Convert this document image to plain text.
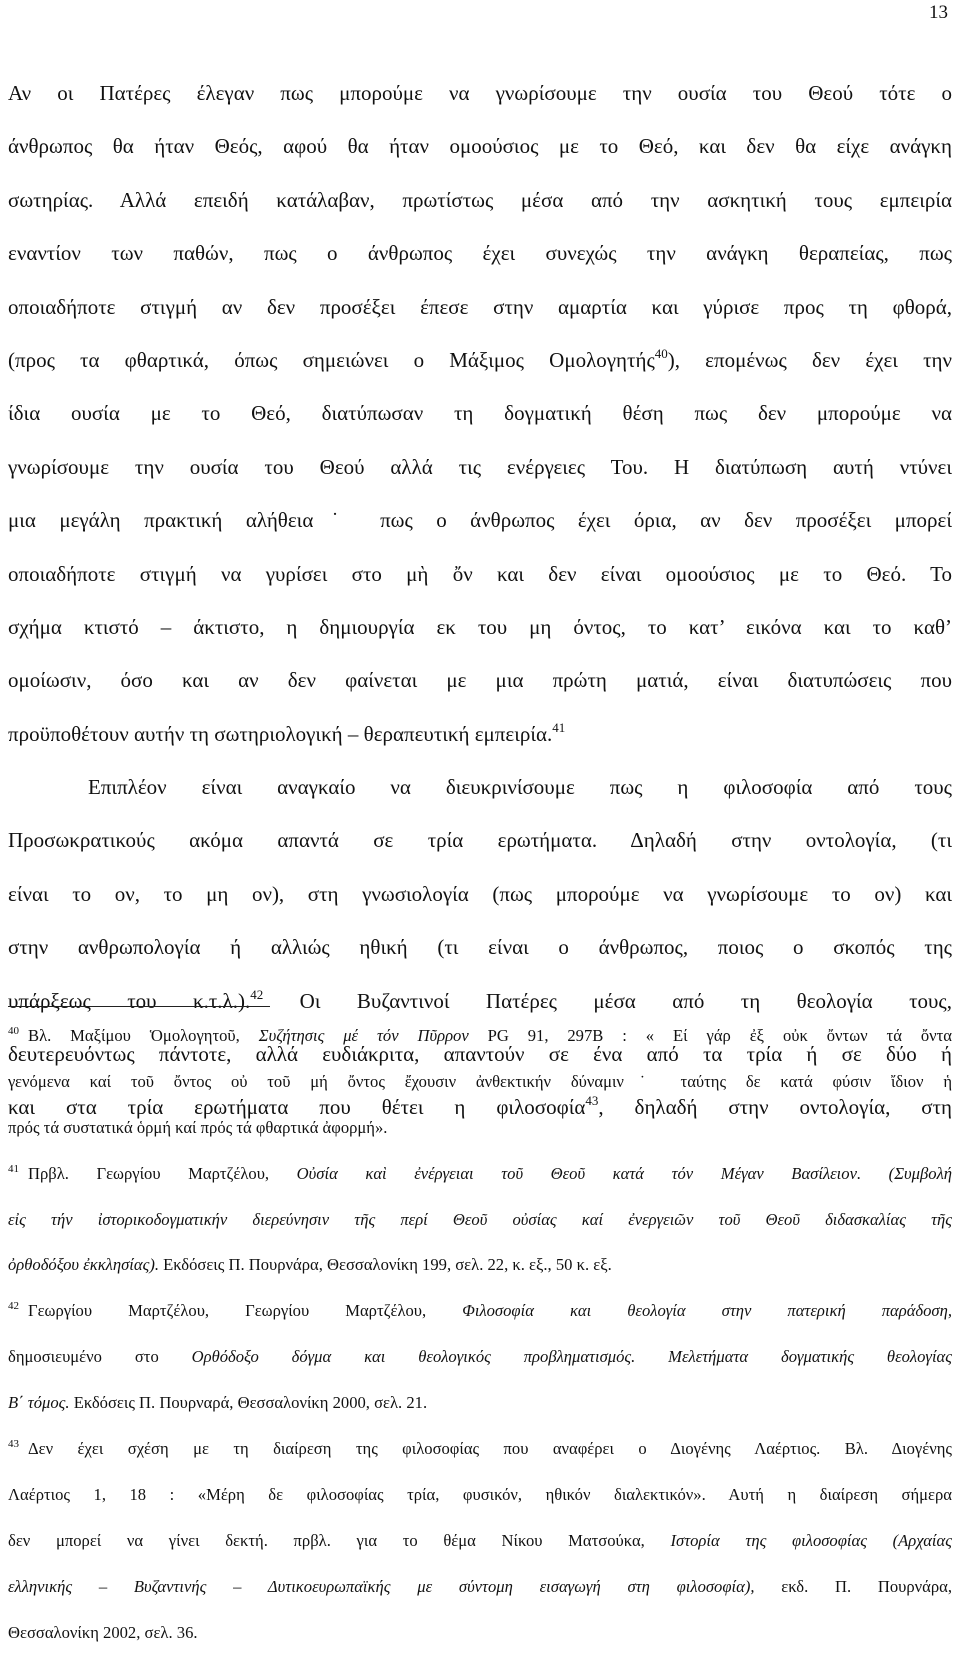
13
Αν οι Πατέρες έλεγαν πως μπορούμε να γνωρίσουμε την ουσία του Θεού τότε ο
άνθρωπος θα ήταν Θεός, αφού θα ήταν ομοούσιος με το Θεό, και δεν θα είχε ανάγκη
σωτηρίας. Αλλά επειδή κατάλαβαν, πρωτίστως μέσα από την ασκητική τους εμπειρία
εναντίον των παθών, πως ο άνθρωπος έχει συνεχώς την ανάγκη θεραπείας, πως
οποιαδήποτε στιγμή αν δεν προσέξει έπεσε στην αμαρτία και γύρισε προς τη φθορά,
(προς τα φθαρτικά, όπως σημειώνει ο Μάξιμος Ομολογητής$^{40}$), επομένως δεν έχει την
ίδια ουσία με το Θεό, διατύπωσαν τη δογματική θέση πως δεν μπορούμε να
γνωρίσουμε την ουσία του Θεού αλλά τις ενέργειες Του. Η διατύπωση αυτή ντύνει
μια μεγάλη πρακτική αλήθεια˙ πως ο άνθρωπος έχει όρια, αν δεν προσέξει μπορεί
οποιαδήποτε στιγμή να γυρίσει στο μὴ ὄν και δεν είναι ομοούσιος με το Θεό. Το
σχήμα κτιστό – άκτιστο, η δημιουργία εκ του μη όντος, το κατ’ εικόνα και το καθ’
ομοίωσιν, όσο και αν δεν φαίνεται με μια πρώτη ματιά, είναι διατυπώσεις που
προϋποθέτουν αυτήν τη σωτηριολογική – θεραπευτική εμπειρία.$^{41}$
Επιπλέον είναι αναγκαίο να διευκρινίσουμε πως η φιλοσοφία από τους
Προσωκρατικούς ακόμα απαντά σε τρία ερωτήματα. Δηλαδή στην οντολογία, (τι
είναι το ον, το μη ον), στη γνωσιολογία (πως μπορούμε να γνωρίσουμε το ον) και
στην ανθρωπολογία ή αλλιώς ηθική (τι είναι ο άνθρωπος, ποιος ο σκοπός της
υπάρξεως του κ.τ.λ.).$^{42}$ Οι Βυζαντινοί Πατέρες μέσα από τη θεολογία τους,
δευτερευόντως πάντοτε, αλλά ευδιάκριτα, απαντούν σε ένα από τα τρία ή σε δύο ή
και στα τρία ερωτήματα που θέτει η φιλοσοφία$^{43}$, δηλαδή στην οντολογία, στη
$^{40}$ Βλ. Μαξίμου Ὁμολογητοῦ, Συζήτησις μέ τόν Πῦρρον PG 91, 297Β : « Εί γάρ ἐξ οὐκ ὄντων τά ὄντα
γενόμενα καί τοῦ ὄντος οὐ τοῦ μή ὄντος ἔχουσιν ἀνθεκτικήν δύναμιν˙ ταύτης δε κατά φύσιν ἴδιον ἡ
πρός τά συστατικά ὁρμή καί πρός τά φθαρτικά ἀφορμή».
$^{41}$ Πρβλ. Γεωργίου Μαρτζέλου, Οὐσία καὶ ἐνέργειαι τοῦ Θεοῦ κατά τόν Μέγαν Βασίλειον. (Συμβολή
εἰς τήν ἰστορικοδογματικήν διερεύνησιν τῆς περί Θεοῦ οὐσίας καί ἐνεργειῶν τοῦ Θεοῦ διδασκαλίας τῆς
ὀρθοδόξου ἐκκλησίας). Εκδόσεις Π. Πουρνάρα, Θεσσαλονίκη 199, σελ. 22, κ. εξ., 50 κ. εξ.
$^{42}$ Γεωργίου Μαρτζέλου, Γεωργίου Μαρτζέλου, Φιλοσοφία και θεολογία στην πατερική παράδοση,
δημοσιευμένο στο Ορθόδοξο δόγμα και θεολογικός προβληματισμός. Μελετήματα δογματικής θεολογίας
Β΄ τόμος. Εκδόσεις Π. Πουρναρά, Θεσσαλονίκη 2000, σελ. 21.
$^{43}$ Δεν έχει σχέση με τη διαίρεση της φιλοσοφίας που αναφέρει ο Διογένης Λαέρτιος. Βλ. Διογένης
Λαέρτιος 1, 18 : «Μέρη δε φιλοσοφίας τρία, φυσικόν, ηθικόν διαλεκτικόν». Αυτή η διαίρεση σήμερα
δεν μπορεί να γίνει δεκτή. πρβλ. για το θέμα Νίκου Ματσούκα, Ιστορία της φιλοσοφίας (Αρχαίας
ελληνικής – Βυζαντινής – Δυτικοευρωπαϊκής με σύντομη εισαγωγή στη φιλοσοφία), εκδ. Π. Πουρνάρα,
Θεσσαλονίκη 2002, σελ. 36.
